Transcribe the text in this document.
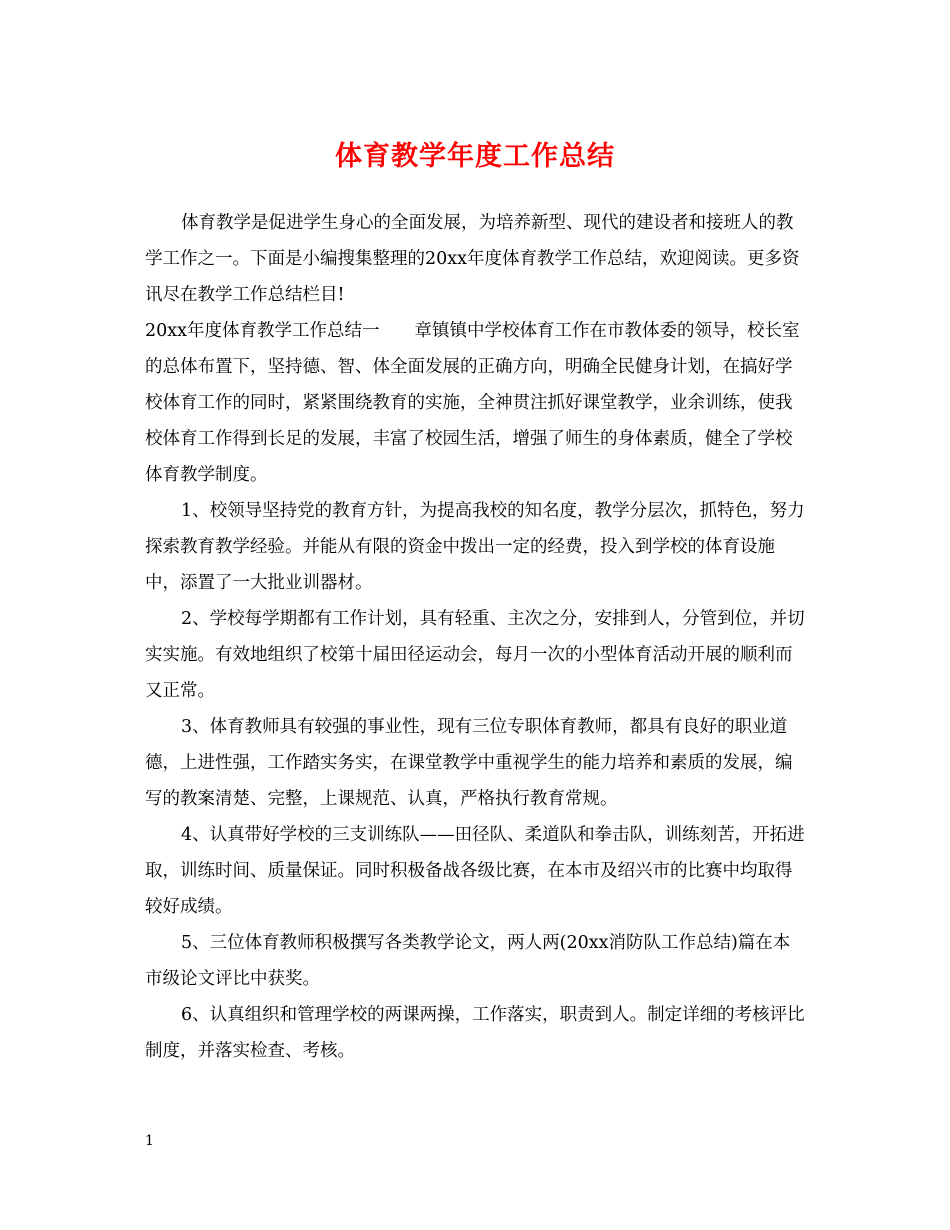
体育教学年度工作总结

体育教学是促进学生身心的全面发展，为培养新型、现代的建设者和接班人的教学工作之一。下面是小编搜集整理的20xx年度体育教学工作总结，欢迎阅读。更多资讯尽在教学工作总结栏目!

20xx年度体育教学工作总结一　　章镇镇中学校体育工作在市教体委的领导，校长室的总体布置下，坚持德、智、体全面发展的正确方向，明确全民健身计划，在搞好学校体育工作的同时，紧紧围绕教育的实施，全神贯注抓好课堂教学，业余训练，使我校体育工作得到长足的发展，丰富了校园生活，增强了师生的身体素质，健全了学校体育教学制度。

1、校领导坚持党的教育方针，为提高我校的知名度，教学分层次，抓特色，努力探索教育教学经验。并能从有限的资金中拨出一定的经费，投入到学校的体育设施中，添置了一大批业训器材。

2、学校每学期都有工作计划，具有轻重、主次之分，安排到人，分管到位，并切实实施。有效地组织了校第十届田径运动会，每月一次的小型体育活动开展的顺利而又正常。

3、体育教师具有较强的事业性，现有三位专职体育教师，都具有良好的职业道德，上进性强，工作踏实务实，在课堂教学中重视学生的能力培养和素质的发展，编写的教案清楚、完整，上课规范、认真，严格执行教育常规。

4、认真带好学校的三支训练队——田径队、柔道队和拳击队，训练刻苦，开拓进取，训练时间、质量保证。同时积极备战各级比赛，在本市及绍兴市的比赛中均取得较好成绩。

5、三位体育教师积极撰写各类教学论文，两人两(20xx消防队工作总结)篇在本市级论文评比中获奖。

6、认真组织和管理学校的两课两操，工作落实，职责到人。制定详细的考核评比制度，并落实检查、考核。

1
